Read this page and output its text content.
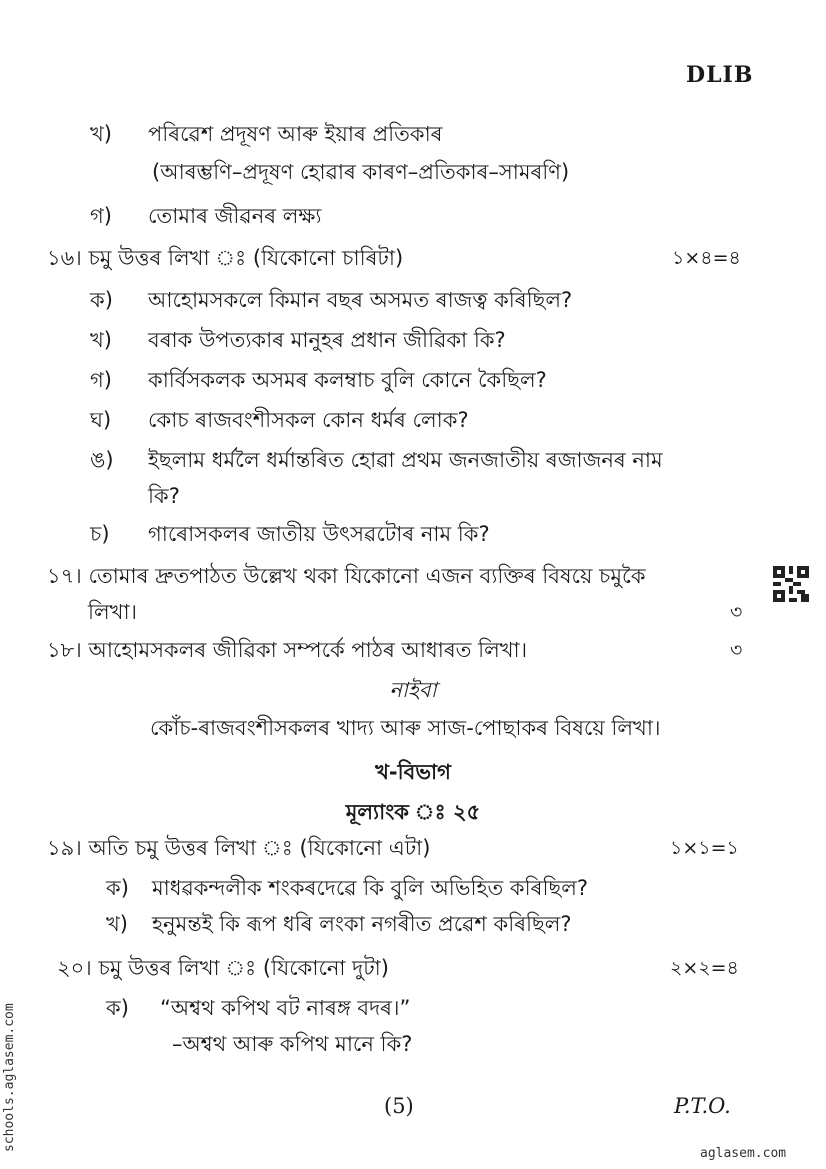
DLIB
খ) পৰিৱেশ প্ৰদূষণ আৰু ইয়াৰ প্ৰতিকাৰ
(আৰম্ভণি–প্ৰদূষণ হোৱাৰ কাৰণ–প্ৰতিকাৰ–সামৰণি)
গ) তোমাৰ জীৱনৰ লক্ষ্য
১৬। চমু উত্তৰ লিখা ঃ (যিকোনো চাৰিটা)	১×৪=৪
ক) আহোমসকলে কিমান বছৰ অসমত ৰাজত্ব কৰিছিল?
খ) বৰাক উপত্যকাৰ মানুহৰ প্ৰধান জীৱিকা কি?
গ) কাৰ্বিসকলক অসমৰ কলম্বাচ বুলি কোনে কৈছিল?
ঘ) কোচ ৰাজবংশীসকল কোন ধৰ্মৰ লোক?
ঙ) ইছলাম ধৰ্মলৈ ধৰ্মান্তৰিত হোৱা প্ৰথম জনজাতীয় ৰজাজনৰ নাম
কি?
চ) গাৰোসকলৰ জাতীয় উৎসৱটোৰ নাম কি?
১৭। তোমাৰ দ্ৰুতপাঠত উল্লেখ থকা যিকোনো এজন ব্যক্তিৰ বিষয়ে চমুকৈ
লিখা।	৩
১৮। আহোমসকলৰ জীৱিকা সম্পৰ্কে পাঠৰ আধাৰত লিখা।	৩
নাইবা
কোঁচ-ৰাজবংশীসকলৰ খাদ্য আৰু সাজ-পোছাকৰ বিষয়ে লিখা।
খ-বিভাগ
মূল্যাংক ঃ ২৫
১৯। অতি চমু উত্তৰ লিখা ঃ (যিকোনো এটা)	১×১=১
ক) মাধৱকন্দলীক শংকৰদেৱে কি বুলি অভিহিত কৰিছিল?
খ) হনুমন্তই কি ৰূপ ধৰি লংকা নগৰীত প্ৰৱেশ কৰিছিল?
২০। চমু উত্তৰ লিখা ঃ (যিকোনো দুটা)	২×২=৪
ক) “অশ্বথ কপিথ বট নাৰঙ্গ বদৰ।”
–অশ্বথ আৰু কপিথ মানে কি?
(5)	P.T.O.
schools.aglasem.com
aglasem.com
